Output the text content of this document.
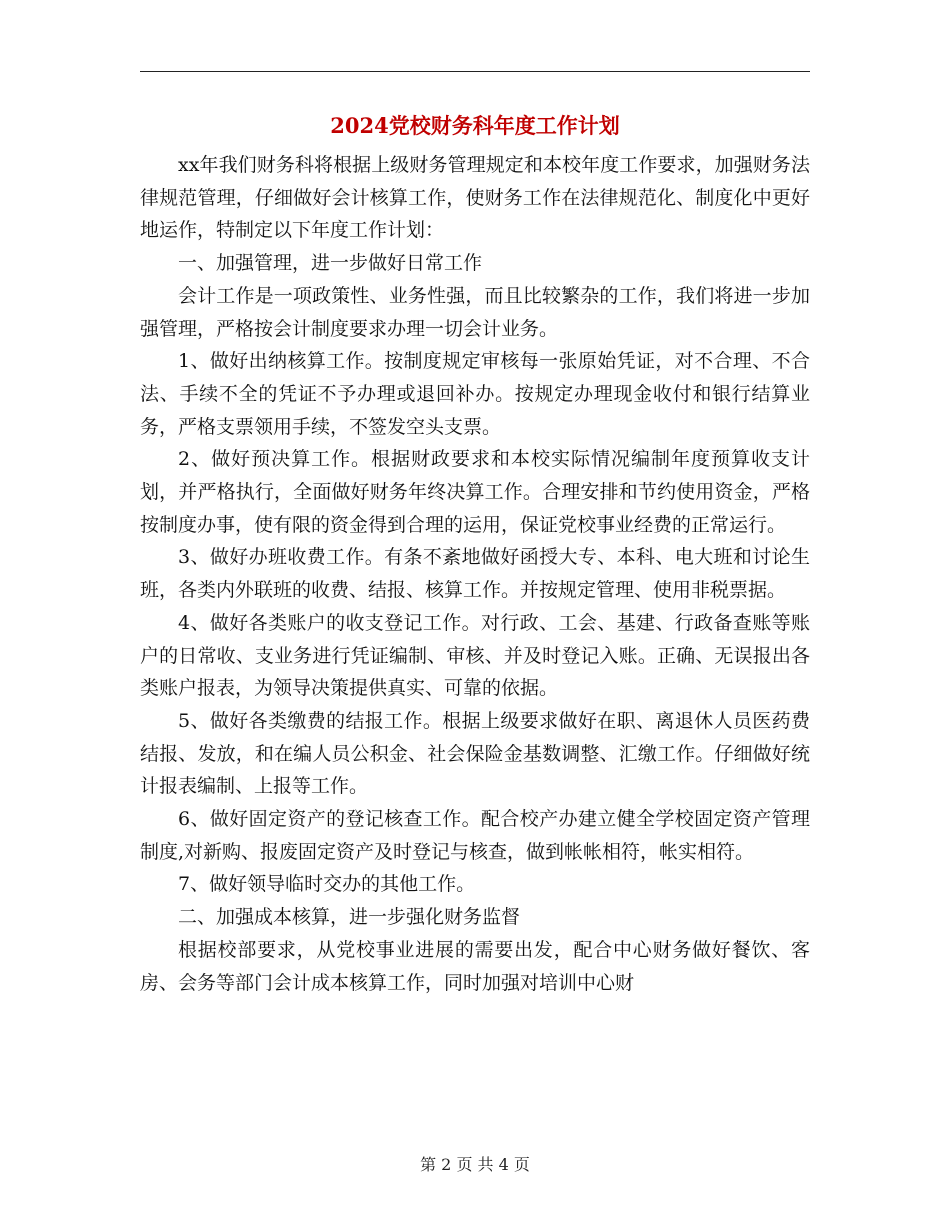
2024党校财务科年度工作计划

xx年我们财务科将根据上级财务管理规定和本校年度工作要求，加强财务法律规范管理，仔细做好会计核算工作，使财务工作在法律规范化、制度化中更好地运作，特制定以下年度工作计划：

一、加强管理，进一步做好日常工作

会计工作是一项政策性、业务性强，而且比较繁杂的工作，我们将进一步加强管理，严格按会计制度要求办理一切会计业务。

1、做好出纳核算工作。按制度规定审核每一张原始凭证，对不合理、不合法、手续不全的凭证不予办理或退回补办。按规定办理现金收付和银行结算业务，严格支票领用手续，不签发空头支票。

2、做好预决算工作。根据财政要求和本校实际情况编制年度预算收支计划，并严格执行，全面做好财务年终决算工作。合理安排和节约使用资金，严格按制度办事，使有限的资金得到合理的运用，保证党校事业经费的正常运行。

3、做好办班收费工作。有条不紊地做好函授大专、本科、电大班和讨论生班，各类内外联班的收费、结报、核算工作。并按规定管理、使用非税票据。

4、做好各类账户的收支登记工作。对行政、工会、基建、行政备查账等账户的日常收、支业务进行凭证编制、审核、并及时登记入账。正确、无误报出各类账户报表，为领导决策提供真实、可靠的依据。

5、做好各类缴费的结报工作。根据上级要求做好在职、离退休人员医药费结报、发放，和在编人员公积金、社会保险金基数调整、汇缴工作。仔细做好统计报表编制、上报等工作。

6、做好固定资产的登记核查工作。配合校产办建立健全学校固定资产管理制度,对新购、报废固定资产及时登记与核查，做到帐帐相符，帐实相符。

7、做好领导临时交办的其他工作。

二、加强成本核算，进一步强化财务监督

根据校部要求，从党校事业进展的需要出发，配合中心财务做好餐饮、客房、会务等部门会计成本核算工作，同时加强对培训中心财

第 2 页 共 4 页
